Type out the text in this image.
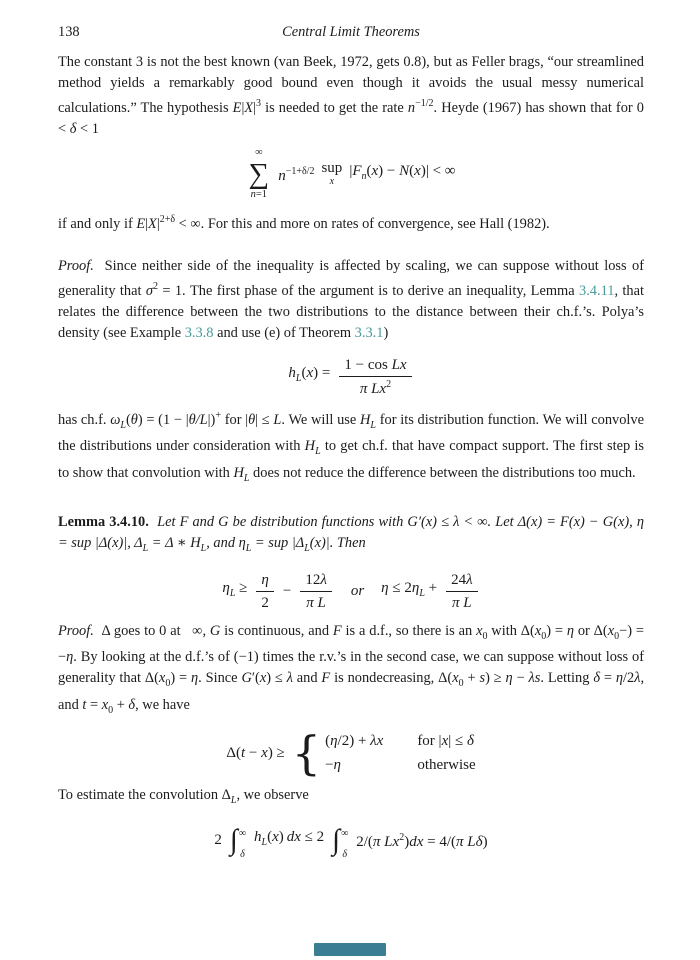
138	Central Limit Theorems

The constant 3 is not the best known (van Beek, 1972, gets 0.8), but as Feller brags, “our streamlined method yields a remarkably good bound even though it avoids the usual messy numerical calculations.” The hypothesis $E|X|^3$ is needed to get the rate $n^{-1/2}$. Heyde (1967) has shown that for 0 < δ < 1

∞
∑
n=1
$n^{-1+\delta/2}$ sup
x
$|F_n(x) - N(x)|$ < ∞

if and only if $E|X|^{2+\delta}$ < ∞. For this and more on rates of convergence, see Hall (1982).

Proof.  Since neither side of the inequality is affected by scaling, we can suppose without loss of generality that $\sigma^2 = 1$. The first phase of the argument is to derive an inequality, Lemma 3.4.11, that relates the difference between the two distributions to the distance between their ch.f.’s. Polya’s density (see Example 3.3.8 and use (e) of Theorem 3.3.1)

$h_L(x) = \frac{\text{1 − cos Lx}}{\pi Lx^2}$

has ch.f. $\omega_L(\theta) = (1 - |\theta/L|)^+$ for |θ| ≤ L. We will use $H_L$ for its distribution function. We will convolve the distributions under consideration with $H_L$ to get ch.f. that have compact support. The first step is to show that convolution with $H_L$ does not reduce the difference between the distributions too much.

Lemma 3.4.10. Let F and G be distribution functions with G′(x) ≤ λ < ∞. Let Δ(x) = F(x) − G(x), η = sup |Δ(x)|, $\Delta_L = \Delta$ ∗ $H_L$, and $\eta_L$ = sup $|\Delta_L(x)|$. Then

$\eta_L \ge \frac{\eta}{2} - \frac{12\lambda}{\text{π L}}$ or $\eta \le 2\eta_L + \frac{24\lambda}{\text{π L}}$

Proof.  Δ goes to 0 at   ∞, G is continuous, and F is a d.f., so there is an $x_0$ with $\Delta(x_0) = \eta$ or $\Delta(x_0-) = -\eta$. By looking at the d.f.’s of (−1) times the r.v.’s in the second case, we can suppose without loss of generality that $\Delta(x_0) = \eta$. Since G′(x) ≤ λ and F is nondecreasing, $\Delta(x_0 + s) \ge \eta - \lambda s$. Letting δ = η/2λ, and $t = x_0 + \delta$, we have

Δ(t − x) ≥ { (η/2) + λx for |x| ≤ δ
−η	otherwise

To estimate the convolution $\Delta_L$, we observe

2 ∫ ∞
δ
$h_L(x)$ dx ≤ 2 ∫ ∞
δ
2/(π $Lx^2)dx = 4/(\pi$ Lδ)
